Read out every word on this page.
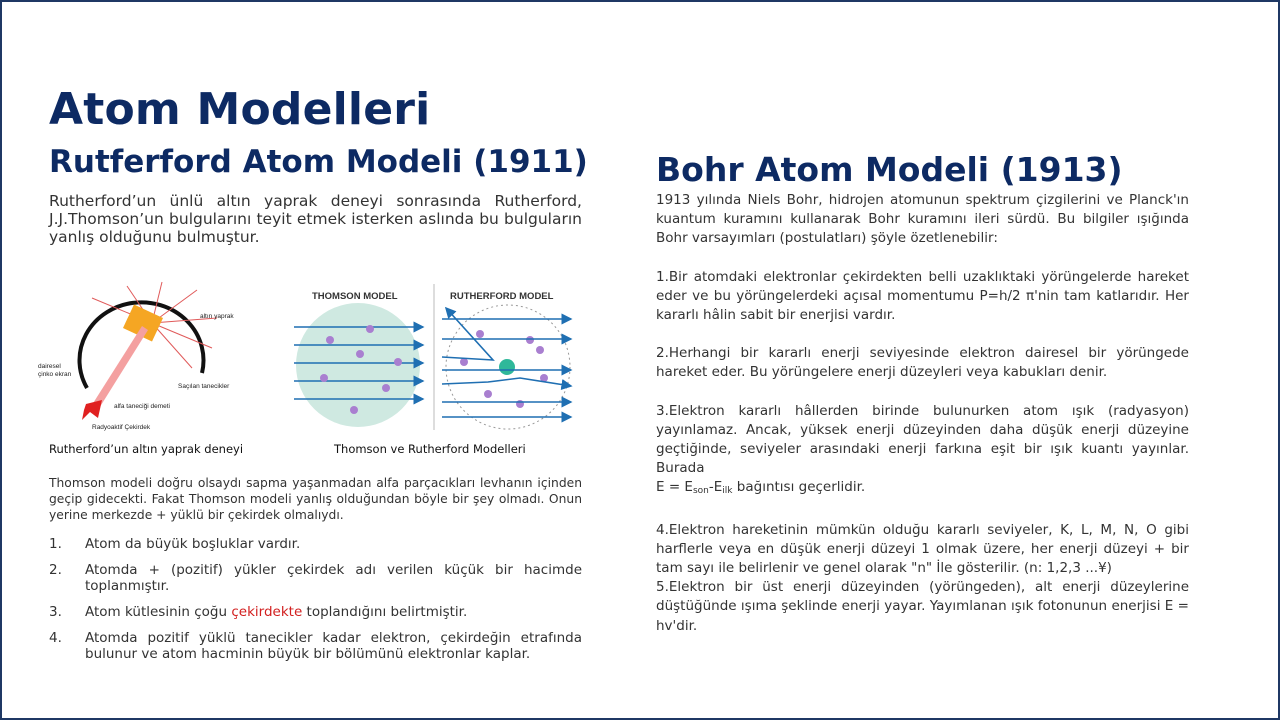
Atom Modelleri
Rutferford Atom Modeli (1911)
Rutherford’un ünlü altın yaprak deneyi sonrasında Rutherford, J.J.Thomson’un bulgularını teyit etmek isterken aslında bu bulguların yanlış olduğunu bulmuştur.
altın yaprak
dairesel
çinko ekran
Saçılan tanecikler
alfa taneciği demeti
Radyoaktif Çekirdek
THOMSON MODEL	RUTHERFORD MODEL
Rutherford’un altın yaprak deneyi	Thomson ve Rutherford Modelleri
Thomson modeli doğru olsaydı sapma yaşanmadan alfa parçacıkları levhanın içinden geçip gidecekti. Fakat Thomson modeli yanlış olduğundan böyle bir şey olmadı. Onun yerine merkezde + yüklü bir çekirdek olmalıydı.
1.	Atom da büyük boşluklar vardır.
2.	Atomda + (pozitif) yükler çekirdek adı verilen küçük bir hacimde toplanmıştır.
3.	Atom kütlesinin çoğu çekirdekte toplandığını belirtmiştir.
4.	Atomda pozitif yüklü tanecikler kadar elektron, çekirdeğin etrafında bulunur ve atom hacminin büyük bir bölümünü elektronlar kaplar.
Bohr Atom Modeli (1913)

1913 yılında Niels Bohr, hidrojen atomunun spektrum çizgilerini ve Planck'ın kuantum kuramını kullanarak Bohr kuramını ileri sürdü. Bu bilgiler ışığında Bohr varsayımları (postulatları) şöyle özetlenebilir:

1.Bir atomdaki elektronlar çekirdekten belli uzaklıktaki yörüngelerde hareket eder ve bu yörüngelerdeki açısal momentumu P=h/2 π'nin tam katlarıdır. Her kararlı hâlin sabit bir enerjisi vardır.

2.Herhangi bir kararlı enerji seviyesinde elektron dairesel bir yörüngede hareket eder. Bu yörüngelere enerji düzeyleri veya kabukları denir.

3.Elektron kararlı hâllerden birinde bulunurken atom ışık (radyasyon) yayınlamaz. Ancak, yüksek enerji düzeyinden daha düşük enerji düzeyine geçtiğinde, seviyeler arasındaki enerji farkına eşit bir ışık kuantı yayınlar. Burada
$E = E_{son}-E_{ilk}$ bağıntısı geçerlidir.

4.Elektron hareketinin mümkün olduğu kararlı seviyeler, K, L, M, N, O gibi harflerle veya en düşük enerji düzeyi 1 olmak üzere, her enerji düzeyi + bir tam sayı ile belirlenir ve genel olarak "n" İle gösterilir. (n: 1,2,3 ...¥)

5.Elektron bir üst enerji düzeyinden (yörüngeden), alt enerji düzeylerine düştüğünde ışıma şeklinde enerji yayar. Yayımlanan ışık fotonunun enerjisi E = hv'dir.
